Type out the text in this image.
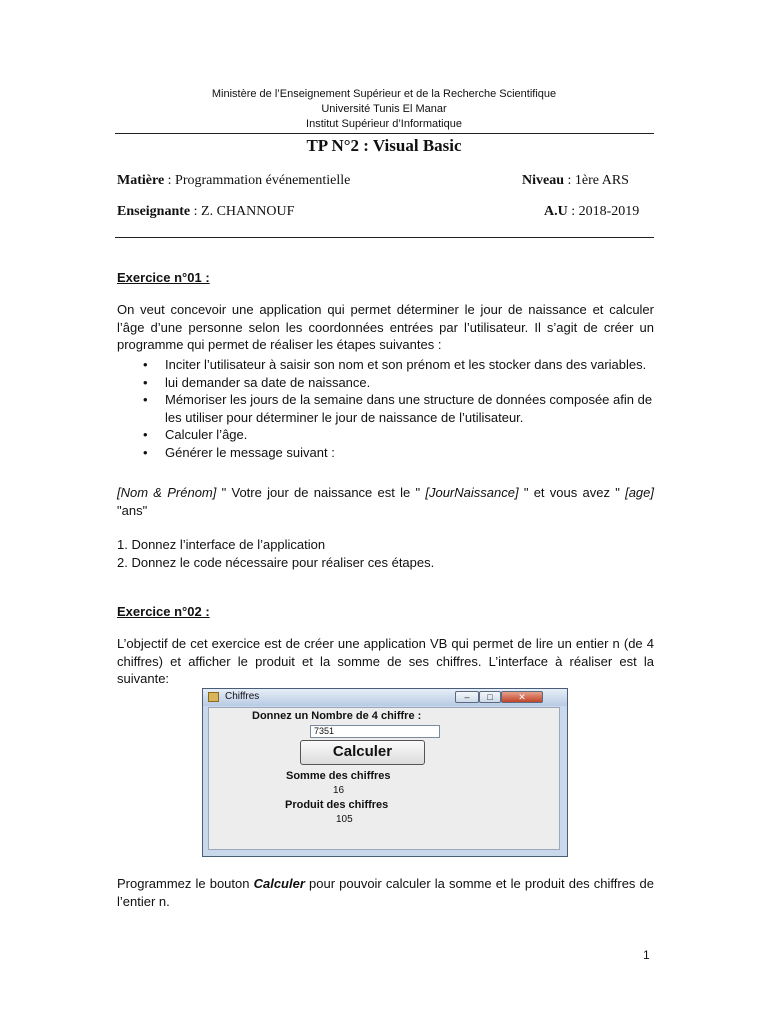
Ministère de l’Enseignement Supérieur et de la Recherche Scientifique
Université Tunis El Manar
Institut Supérieur d’Informatique
TP N°2 : Visual Basic
Matière : Programmation événementielle	Niveau : 1ère ARS
Enseignante : Z. CHANNOUF	A.U : 2018-2019
Exercice n°01 :
On veut concevoir une application qui permet déterminer le jour de naissance et calculer l’âge d’une personne selon les coordonnées entrées par l’utilisateur. Il s’agit de créer un programme qui permet de réaliser les étapes suivantes :
• Inciter l’utilisateur à saisir son nom et son prénom et les stocker dans des variables.
• lui demander sa date de naissance.
• Mémoriser les jours de la semaine dans une structure de données composée afin de les utiliser pour déterminer le jour de naissance de l’utilisateur.
• Calculer l’âge.
• Générer le message suivant :
[Nom & Prénom] " Votre jour de naissance est le " [JourNaissance] " et vous avez " [age] "ans"
1. Donnez l’interface de l’application
2. Donnez le code nécessaire pour réaliser ces étapes.
Exercice n°02 :
L’objectif de cet exercice est de créer une application VB qui permet de lire un entier n (de 4 chiffres) et afficher le produit et la somme de ses chiffres. L’interface à réaliser est la suivante:
Chiffres	–	□	✕
Donnez un Nombre de 4 chiffre :
7351
Calculer
Somme des chiffres
16
Produit des chiffres
105
Programmez le bouton Calculer pour pouvoir calculer la somme et le produit des chiffres de l’entier n.
1
